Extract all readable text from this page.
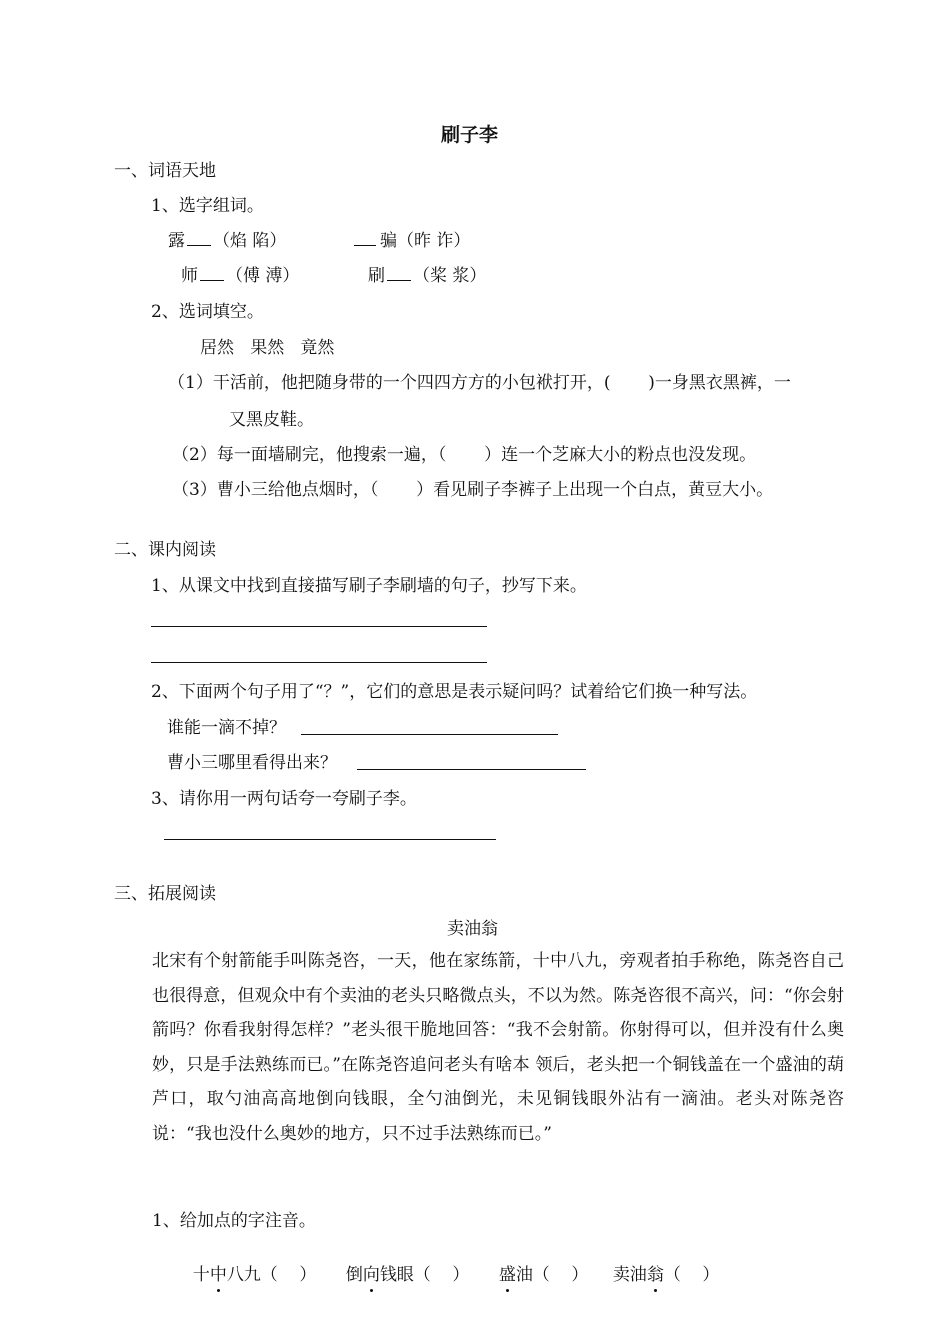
刷子李
一、词语天地
1、选字组词。
露 （焰 陷）	骗（昨 诈）
师 （傅 溥）	刷 （桨 浆）
2、选词填空。
居然   果然   竟然
（1）干活前，他把随身带的一个四四方方的小包袱打开，(       )一身黑衣黑裤，一
又黑皮鞋。
（2）每一面墙刷完，他搜索一遍，（       ）连一个芝麻大小的粉点也没发现。
（3）曹小三给他点烟时，（       ）看见刷子李裤子上出现一个白点，黄豆大小。
二、课内阅读
1、从课文中找到直接描写刷子李刷墙的句子，抄写下来。
2、下面两个句子用了“？”，它们的意思是表示疑问吗？试着给它们换一种写法。
谁能一滴不掉？
曹小三哪里看得出来？
3、请你用一两句话夸一夸刷子李。
三、拓展阅读
卖油翁
北宋有个射箭能手叫陈尧咨，一天，他在家练箭，十中八九，旁观者拍手称绝，陈尧咨自己也很得意，但观众中有个卖油的老头只略微点头，不以为然。陈尧咨很不高兴，问：“你会射箭吗？你看我射得怎样？”老头很干脆地回答：“我不会射箭。你射得可以，但并没有什么奥妙，只是手法熟练而已。”在陈尧咨追问老头有啥本 领后，老头把一个铜钱盖在一个盛油的葫芦口，取勺油高高地倒向钱眼，全勺油倒光，未见铜钱眼外沾有一滴油。老头对陈尧咨说：“我也没什么奥妙的地方，只不过手法熟练而已。”
1、给加点的字注音。

十中八九（    ）	倒向钱眼（    ）	盛油（    ）	卖油翁（    ）
